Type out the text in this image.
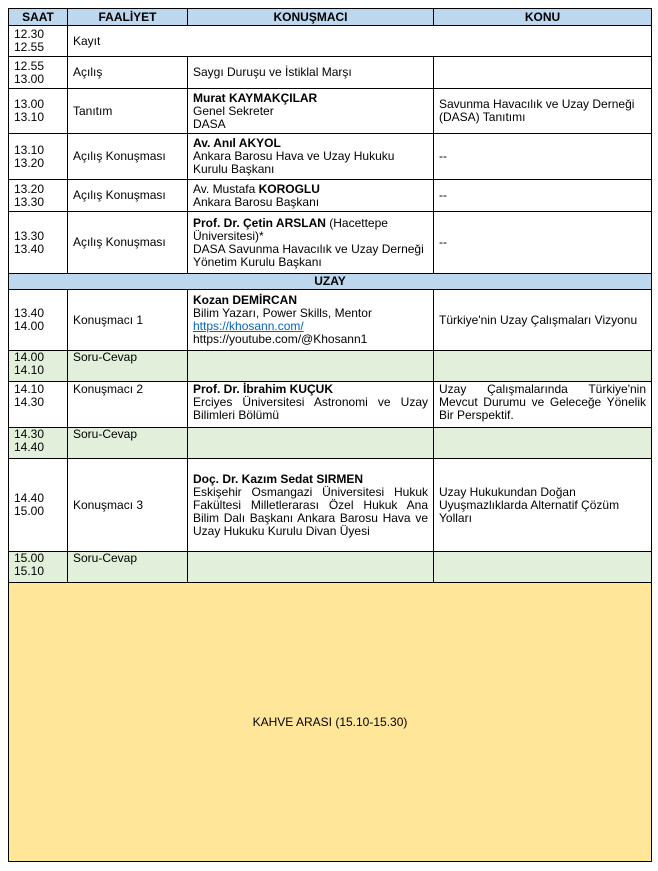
SAAT	FAALİYET	KONUŞMACI	KONU

12.30
12.55	Kayıt		

12.55
13.00	Açılış	Saygı Duruşu ve İstiklal Marşı	

13.00
13.10	Tanıtım	Murat KAYMAKÇILAR
Genel Sekreter
DASA	Savunma Havacılık ve Uzay Derneği (DASA) Tanıtımı

13.10
13.20	Açılış Konuşması	Av. Anıl AKYOL
Ankara Barosu Hava ve Uzay Hukuku Kurulu Başkanı	--

13.20
13.30	Açılış Konuşması	Av. Mustafa KOROGLU
Ankara Barosu Başkanı	--

13.30
13.40	Açılış Konuşması	Prof. Dr. Çetin ARSLAN (Hacettepe Üniversitesi)*
DASA Savunma Havacılık ve Uzay Derneği Yönetim Kurulu Başkanı	--
UZAY			

13.40
14.00	Konuşmacı 1	Kozan DEMİRCAN
Bilim Yazarı, Power Skills, Mentor
https://khosann.com/
https://youtube.com/@Khosann1	Türkiye'nin Uzay Çalışmaları Vizyonu

14.00
14.10	Soru-Cevap		

14.10
14.30	Konuşmacı 2	Prof. Dr. İbrahim KUÇUK
Erciyes Üniversitesi Astronomi ve Uzay Bilimleri Bölümü	Uzay Çalışmalarında Türkiye'nin Mevcut Durumu ve Geleceğe Yönelik Bir Perspektif.

14.30
14.40	Soru-Cevap		

14.40
15.00	Konuşmacı 3	Doç. Dr. Kazım Sedat SIRMEN
Eskişehir Osmangazi Üniversitesi Hukuk Fakültesi Milletlerarası Özel Hukuk Ana Bilim Dalı Başkanı Ankara Barosu Hava ve Uzay Hukuku Kurulu Divan Üyesi	Uzay Hukukundan Doğan Uyuşmazlıklarda Alternatif Çözüm Yolları

15.00
15.10	Soru-Cevap		
KAHVE ARASI (15.10-15.30)			
